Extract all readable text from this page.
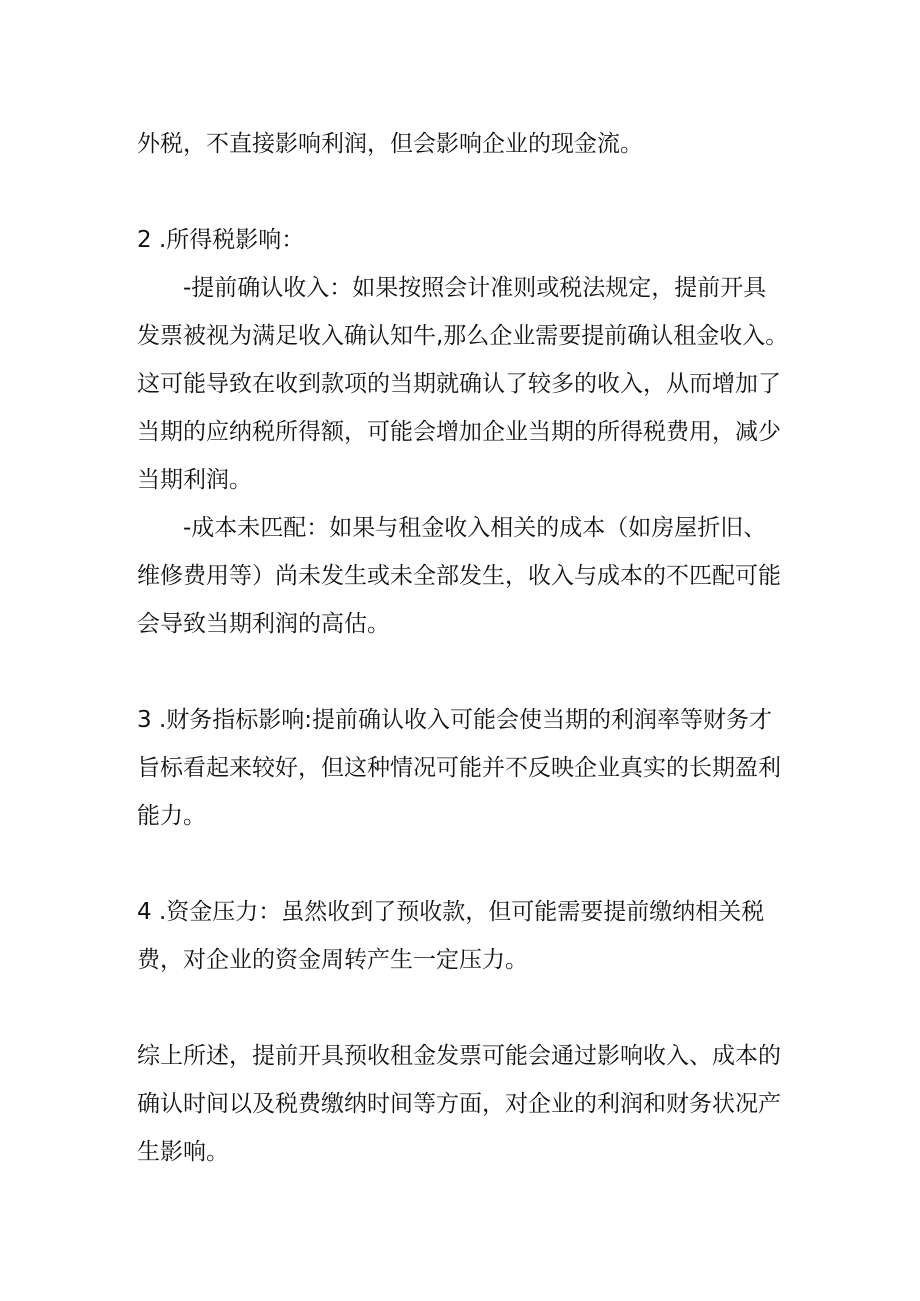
外税，不直接影响利润，但会影响企业的现金流。
2 .所得税影响：
-提前确认收入：如果按照会计准则或税法规定，提前开具
发票被视为满足收入确认知牛,那么企业需要提前确认租金收入。
这可能导致在收到款项的当期就确认了较多的收入，从而增加了
当期的应纳税所得额，可能会增加企业当期的所得税费用，减少
当期利润。
-成本未匹配：如果与租金收入相关的成本（如房屋折旧、
维修费用等）尚未发生或未全部发生，收入与成本的不匹配可能
会导致当期利润的高估。
3 .财务指标影响:提前确认收入可能会使当期的利润率等财务才
旨标看起来较好，但这种情况可能并不反映企业真实的长期盈利
能力。
4 .资金压力：虽然收到了预收款，但可能需要提前缴纳相关税
费，对企业的资金周转产生一定压力。
综上所述，提前开具预收租金发票可能会通过影响收入、成本的
确认时间以及税费缴纳时间等方面，对企业的利润和财务状况产
生影响。
